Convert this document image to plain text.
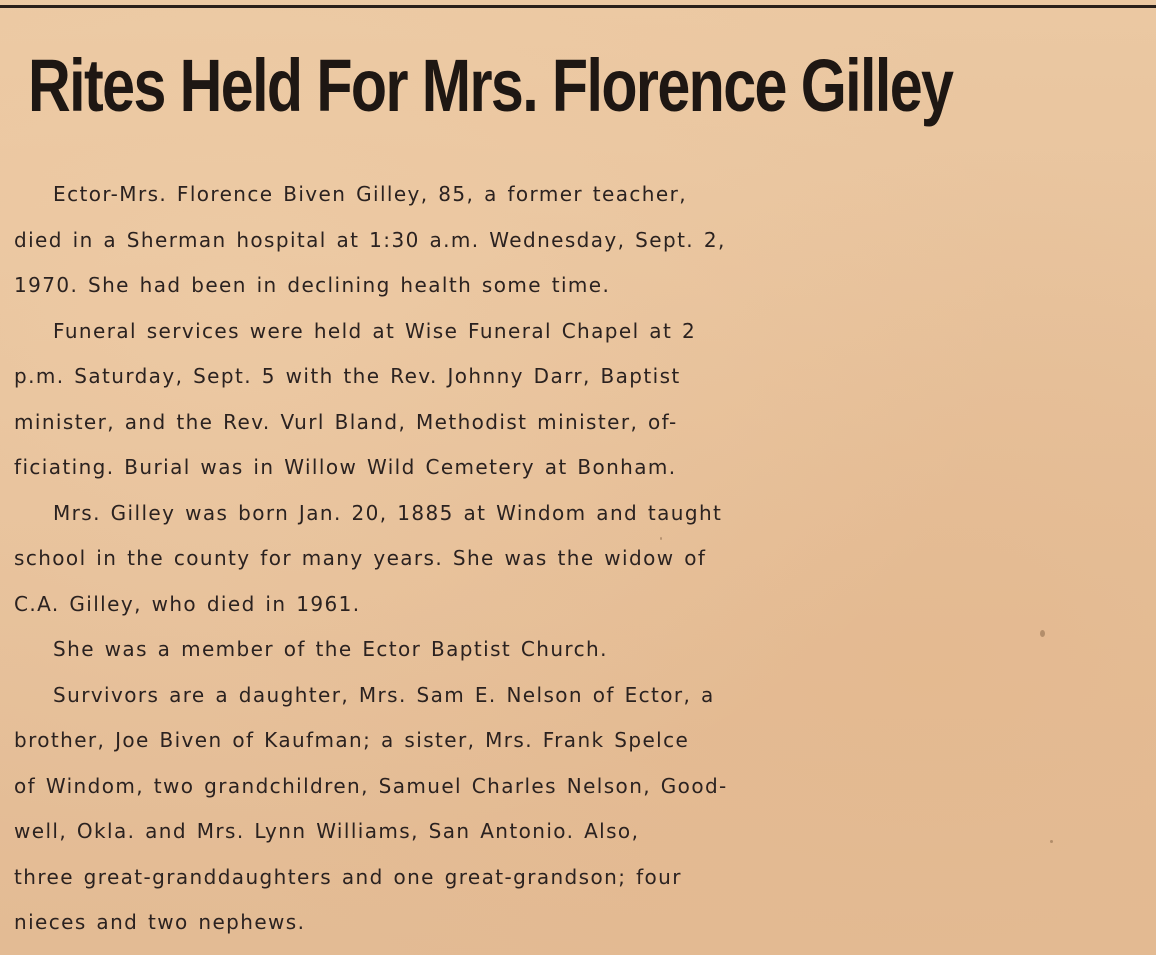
Rites Held For Mrs. Florence Gilley
Ector-Mrs. Florence Biven Gilley, 85, a former teacher,
died in a Sherman hospital at 1:30 a.m. Wednesday, Sept. 2,
1970. She had been in declining health some time.
Funeral services were held at Wise Funeral Chapel at 2
p.m. Saturday, Sept. 5 with the Rev. Johnny Darr, Baptist
minister, and the Rev. Vurl Bland, Methodist minister, of-
ficiating. Burial was in Willow Wild Cemetery at Bonham.
Mrs. Gilley was born Jan. 20, 1885 at Windom and taught
school in the county for many years. She was the widow of
C.A. Gilley, who died in 1961.
She was a member of the Ector Baptist Church.
Survivors are a daughter, Mrs. Sam E. Nelson of Ector, a
brother, Joe Biven of Kaufman; a sister, Mrs. Frank Spelce
of Windom, two grandchildren, Samuel Charles Nelson, Good-
well, Okla. and Mrs. Lynn Williams, San Antonio. Also,
three great-granddaughters and one great-grandson; four
nieces and two nephews.
